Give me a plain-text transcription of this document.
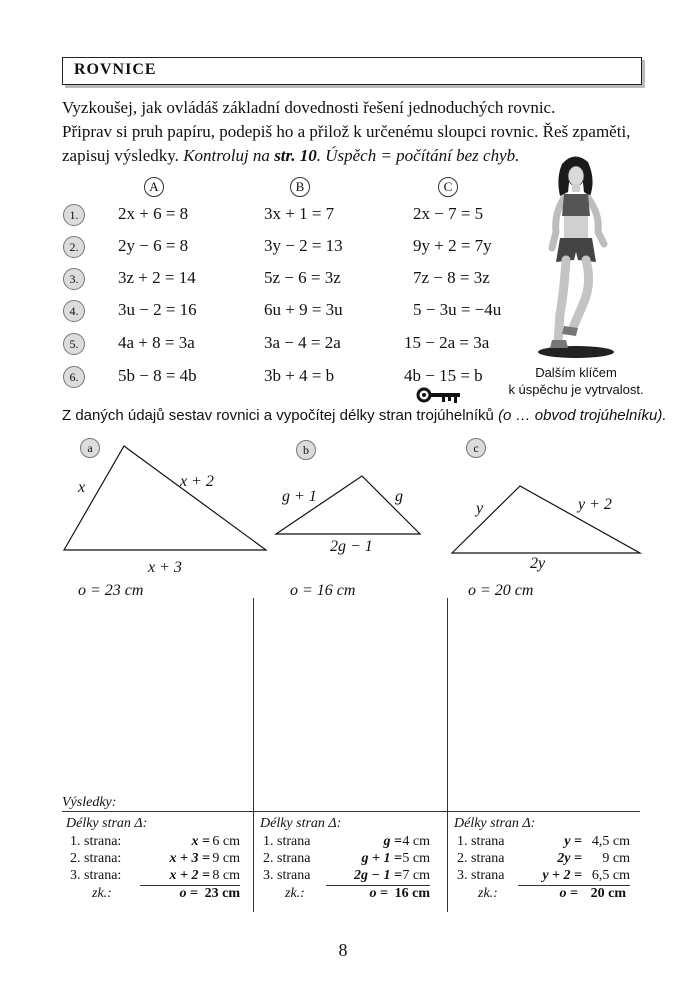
ROVNICE
Vyzkoušej, jak ovládáš základní dovednosti řešení jednoduchých rovnic.
Připrav si pruh papíru, podepiš ho a přilož k určenému sloupci rovnic. Řeš zpaměti,
zapisuj výsledky. Kontroluj na str. 10. Úspěch = počítání bez chyb.
A	B	C
1.	2x + 6 = 8	3x + 1 = 7	2x − 7 = 5
2.	2y − 6 = 8	3y − 2 = 13	9y + 2 = 7y
3.	3z + 2 = 14	5z − 6 = 3z	7z − 8 = 3z
4.	3u − 2 = 16	6u + 9 = 3u	5 − 3u = −4u
5.	4a + 8 = 3a	3a − 4 = 2a	15 − 2a = 3a
6.	5b − 8 = 4b	3b + 4 = b	4b − 15 = b	Dalším klíčem
k úspěchu je vytrvalost.
Z daných údajů sestav rovnici a vypočítej délky stran trojúhelníků (o … obvod trojúhelníku).
a
x	x + 2
x + 3
o = 23 cm
b
g + 1	g
2g − 1
o = 16 cm
c
y	y + 2
2y
o = 20 cm
Výsledky:
Délky stran Δ:
1. strana:	x = 6 cm
2. strana:	x + 3 = 9 cm
3. strana:	x + 2 = 8 cm
zk.:	o = 23 cm
Délky stran Δ:
1. strana	g = 4 cm
2. strana	g + 1 = 5 cm
3. strana	2g − 1 = 7 cm
zk.:	o = 16 cm
Délky stran Δ:
1. strana	y = 4,5 cm
2. strana	2y =	9 cm
3. strana	y + 2 = 6,5 cm
zk.:	o = 20 cm
8
